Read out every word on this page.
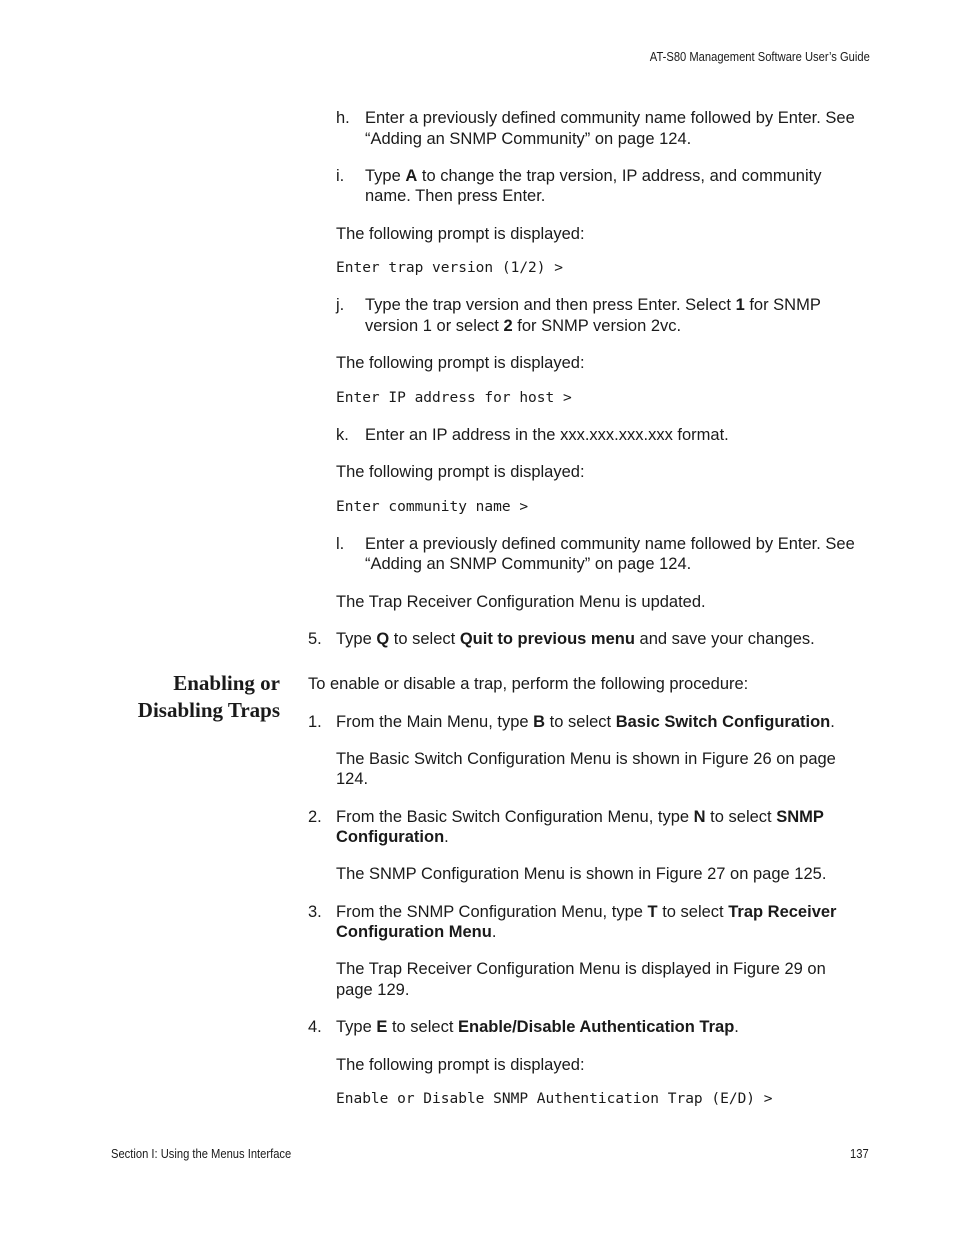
AT-S80 Management Software User’s Guide
h. Enter a previously defined community name followed by Enter. See
“Adding an SNMP Community” on page 124.
i. Type A to change the trap version, IP address, and community
name. Then press Enter.
The following prompt is displayed:
Enter trap version (1/2) >
j. Type the trap version and then press Enter. Select 1 for SNMP
version 1 or select 2 for SNMP version 2vc.
The following prompt is displayed:
Enter IP address for host >
k. Enter an IP address in the xxx.xxx.xxx.xxx format.
The following prompt is displayed:
Enter community name >
l. Enter a previously defined community name followed by Enter. See
“Adding an SNMP Community” on page 124.
The Trap Receiver Configuration Menu is updated.
5. Type Q to select Quit to previous menu and save your changes.
Enabling or
Disabling Traps
To enable or disable a trap, perform the following procedure:
1. From the Main Menu, type B to select Basic Switch Configuration.
The Basic Switch Configuration Menu is shown in Figure 26 on page
124.
2. From the Basic Switch Configuration Menu, type N to select SNMP
Configuration.
The SNMP Configuration Menu is shown in Figure 27 on page 125.
3. From the SNMP Configuration Menu, type T to select Trap Receiver
Configuration Menu.
The Trap Receiver Configuration Menu is displayed in Figure 29 on
page 129.
4. Type E to select Enable/Disable Authentication Trap.
The following prompt is displayed:
Enable or Disable SNMP Authentication Trap (E/D) >
Section I: Using the Menus Interface	137
